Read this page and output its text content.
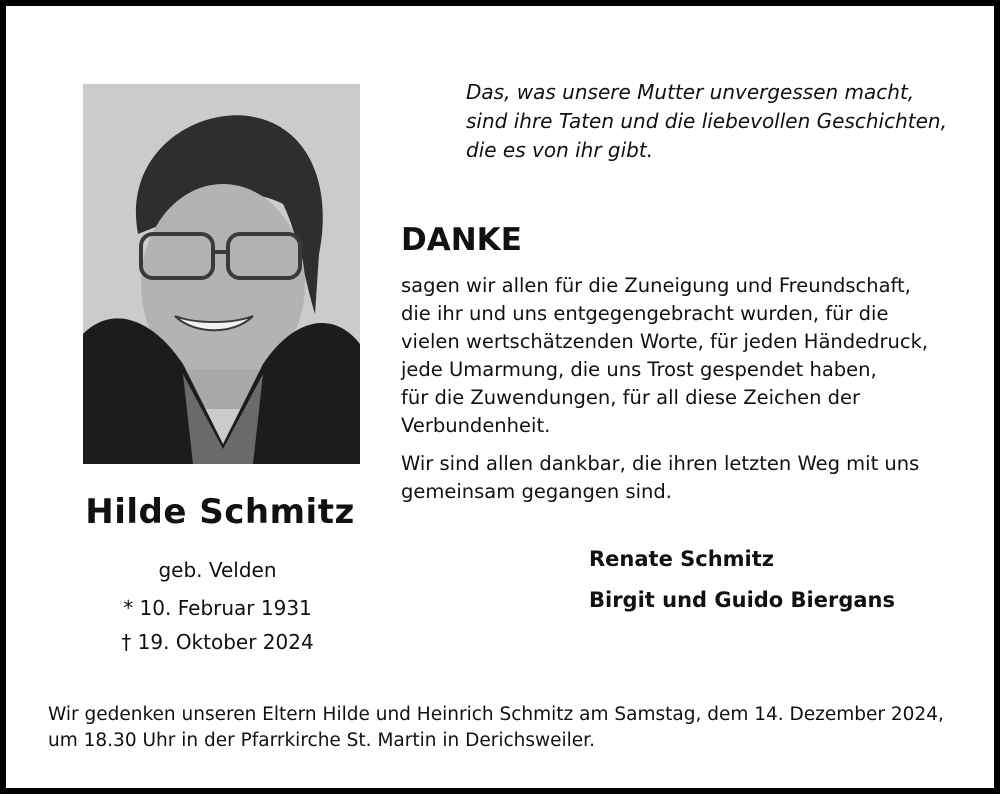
Hilde Schmitz
geb. Velden
* 10. Februar 1931
† 19. Oktober 2024
Das, was unsere Mutter unvergessen macht,
sind ihre Taten und die liebevollen Geschichten,
die es von ihr gibt.
DANKE
sagen wir allen für die Zuneigung und Freundschaft,
die ihr und uns entgegengebracht wurden, für die
vielen wertschätzenden Worte, für jeden Händedruck,
jede Umarmung, die uns Trost gespendet haben,
für die Zuwendungen, für all diese Zeichen der
Verbundenheit.
Wir sind allen dankbar, die ihren letzten Weg mit uns
gemeinsam gegangen sind.
Renate Schmitz
Birgit und Guido Biergans
Wir gedenken unseren Eltern Hilde und Heinrich Schmitz am Samstag, dem 14. Dezember 2024,
um 18.30 Uhr in der Pfarrkirche St. Martin in Derichsweiler.
